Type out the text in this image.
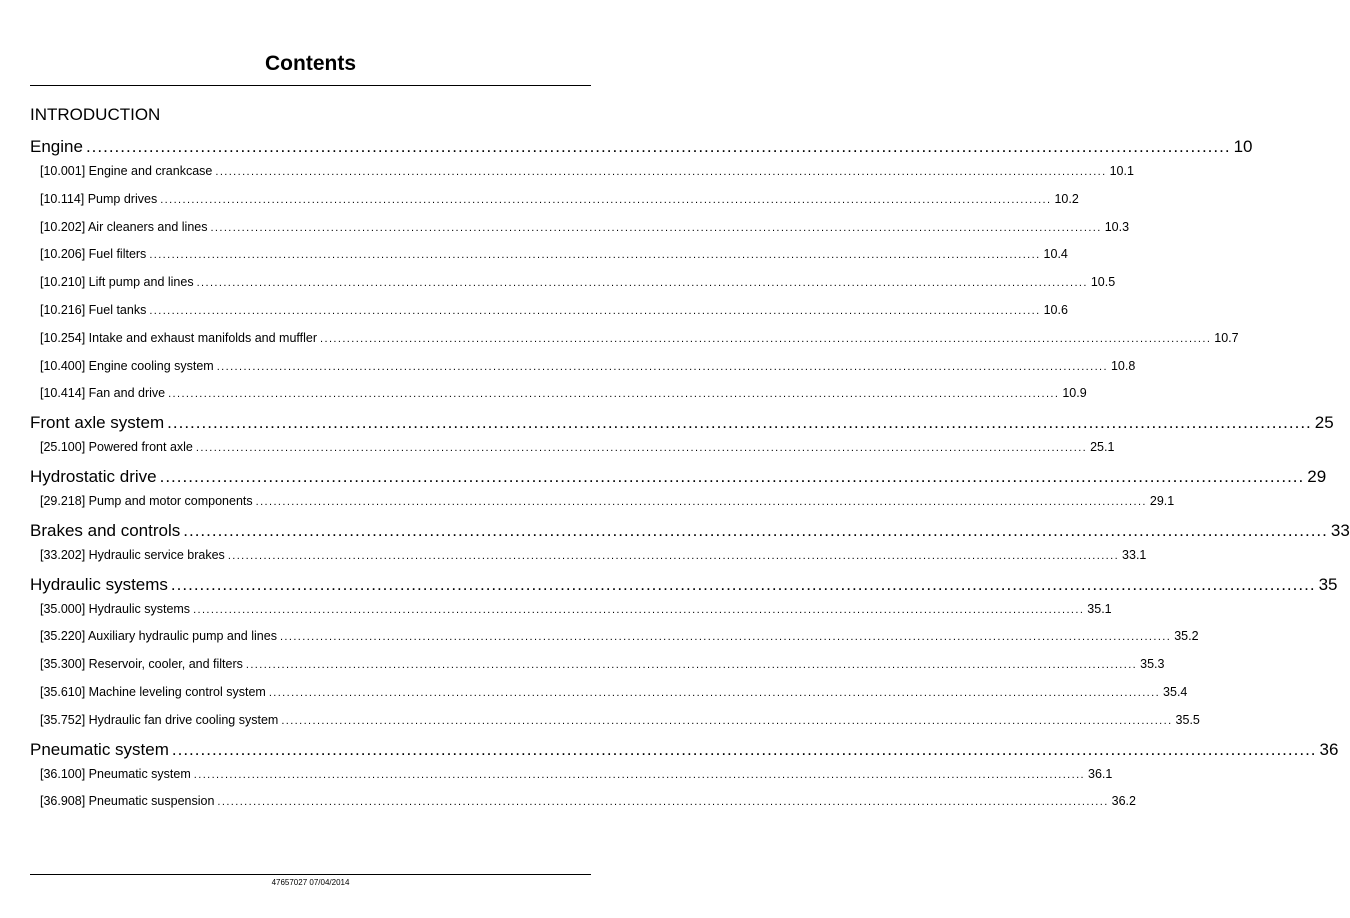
Contents
INTRODUCTION
Engine ........................................................................................................................................................................................................ 10
[10.001] Engine and crankcase ........................................................................................................................................................................................................ 10.1
[10.114] Pump drives ........................................................................................................................................................................................................ 10.2
[10.202] Air cleaners and lines ........................................................................................................................................................................................................ 10.3
[10.206] Fuel filters ........................................................................................................................................................................................................ 10.4
[10.210] Lift pump and lines ........................................................................................................................................................................................................ 10.5
[10.216] Fuel tanks ........................................................................................................................................................................................................ 10.6
[10.254] Intake and exhaust manifolds and muffler ........................................................................................................................................................................................................ 10.7
[10.400] Engine cooling system ........................................................................................................................................................................................................ 10.8
[10.414] Fan and drive ........................................................................................................................................................................................................ 10.9
Front axle system ........................................................................................................................................................................................................ 25
[25.100] Powered front axle ........................................................................................................................................................................................................ 25.1
Hydrostatic drive ........................................................................................................................................................................................................ 29
[29.218] Pump and motor components ........................................................................................................................................................................................................ 29.1
Brakes and controls ........................................................................................................................................................................................................ 33
[33.202] Hydraulic service brakes ........................................................................................................................................................................................................ 33.1
Hydraulic systems ........................................................................................................................................................................................................ 35
[35.000] Hydraulic systems ........................................................................................................................................................................................................ 35.1
[35.220] Auxiliary hydraulic pump and lines ........................................................................................................................................................................................................ 35.2
[35.300] Reservoir, cooler, and filters ........................................................................................................................................................................................................ 35.3
[35.610] Machine leveling control system ........................................................................................................................................................................................................ 35.4
[35.752] Hydraulic fan drive cooling system ........................................................................................................................................................................................................ 35.5
Pneumatic system ........................................................................................................................................................................................................ 36
[36.100] Pneumatic system ........................................................................................................................................................................................................ 36.1
[36.908] Pneumatic suspension ........................................................................................................................................................................................................ 36.2
47657027 07/04/2014
